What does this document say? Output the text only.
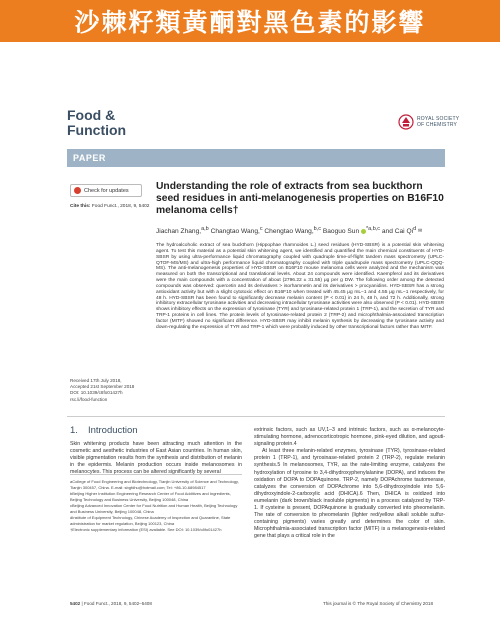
沙棘籽類黃酮對黑色素的影響
Food &
Function
ROYAL SOCIETY
OF CHEMISTRY
PAPER
Check for updates
Cite this: Food Funct., 2018, 9, 5402
Understanding the role of extracts from sea buckthorn seed residues in anti-melanogenesis properties on B16F10 melanoma cells†
Jiachan Zhang,$^{a,b}$ Changtao Wang,$^c$ Chengtao Wang,$^{b,c}$ Baoguo Sun $^{*a,b,c}$ and Cai Qi$^d$ ✉
The hydroalcoholic extract of sea buckthorn (Hippophae rhamnoides L.) seed residues (HYD-SBSR) is a potential skin whitening agent. To test this material as a potential skin whitening agent, we identified and quantified the main chemical constituents of HYD-SBSR by using ultra-performance liquid chromatography coupled with quadruple time-of-flight tandem mass spectrometry (UPLC-QTOF-MS/MS) and ultra-high performance liquid chromatography coupled with triple quadrupole mass spectrometry (UPLC-QQQ-MS). The anti-melanogenesis properties of HYD-SBSR on B16F10 mouse melanoma cells were analyzed and the mechanism was measured on both the transcriptional and translational levels. About 24 compounds were identified. Kaempferol and its derivatives were the main compounds with a concentration of about (2796.22 ± 31.55) μg per g DW. The following order among the detected compounds was observed: quercetin and its derivatives > isorhamnetin and its derivatives > procyanidins. HYD-SBSR has a strong antioxidant activity but with a slight cytotoxic effect on B16F10 when treated with 45.45 μg mL−1 and 4.55 μg mL−1 respectively, for 48 h. HYD-SBSR has been found to significantly decrease melanin content (P < 0.01) in 24 h, 48 h, and 72 h. Additionally, strong inhibitory extracellular tyrosinase activities and decreasing intracellular tyrosinase activities were also observed (P < 0.01). HYD-SBSR shows inhibitory effects on the expression of tyrosinase (TYR) and tyrosinase-related protein 1 (TRP-1), and the secretion of TYR and TRP-1 proteins in cell lines. The protein levels of tyrosinase-related protein 2 (TRP-2) and microphthalmia-associated transcription factor (MITF) showed no significant difference. HYD-SBSR may inhibit melanin synthesis by decreasing the tyrosinase activity and down-regulating the expression of TYR and TRP-1 which were probably induced by other transcriptional factors rather than MITF.
Received 17th July 2018,
Accepted 21st September 2018
DOI: 10.1039/c8fo01427h
rsc.li/food-function
1. Introduction
Skin whitening products have been attracting much attention in the cosmetic and aesthetic industries of East Asian countries. In human skin, visible pigmentation results from the synthesis and distribution of melanin in the epidermis. Melanin production occurs inside melanosomes in melanocytes. This process can be altered significantly by several

aCollege of Food Engineering and Biotechnology, Tianjin University of Science and Technology, Tianjin 300457, China. E-mail: sbgfdhu@hotmail.com; Tel: +86-10-68984517

bBeijing Higher Institution Engineering Research Center of Food Additives and Ingredients, Beijing Technology and Business University, Beijing 100048, China

cBeijing Advanced Innovation Center for Food Nutrition and Human Health, Beijing Technology and Business University, Beijing 100048, China

dInstitute of Equipment Technology, Chinese Academy of Inspection and Quarantine, State administration for market regulation, Beijing 100123, China

†Electronic supplementary information (ESI) available. See DOI: 10.1039/c8fo01427h

extrinsic factors, such as UV,1–3 and intrinsic factors, such as α-melanocyte-stimulating hormone, adrenocorticotropic hormone, pink-eyed dilution, and agouti-signaling protein.4

At least three melanin-related enzymes, tyrosinase (TYR), tyrosinase-related protein 1 (TRP-1), and tyrosinase-related protein 2 (TRP-2), regulate melanin synthesis.5 In melanosomes, TYR, as the rate-limiting enzyme, catalyzes the hydroxylation of tyrosine to 3,4-dihydroxyphenylalanine (DOPA), and induces the oxidation of DOPA to DOPAquinone. TRP-2, namely DOPAchrome tautomerase, catalyzes the conversion of DOPAchrome into 5,6-dihydroxyindole into 5,6-dihydroxyindole-2-carboxylic acid (DHICA).6 Then, DHICA is oxidized into eumelanin (dark brown/black insoluble pigments) in a process catalyzed by TRP-1. If cysteine is present, DOPAquinone is gradually converted into pheomelanin. The rate of conversion to pheomelanin (lighter red/yellow alkali soluble sulfur-containing pigments) varies greatly and determines the color of skin. Microphthalmia-associated transcription factor (MITF) is a melanogenesis-related gene that plays a critical role in the

5402 | Food Funct., 2018, 9, 5402–5408	This journal is © The Royal Society of Chemistry 2018
